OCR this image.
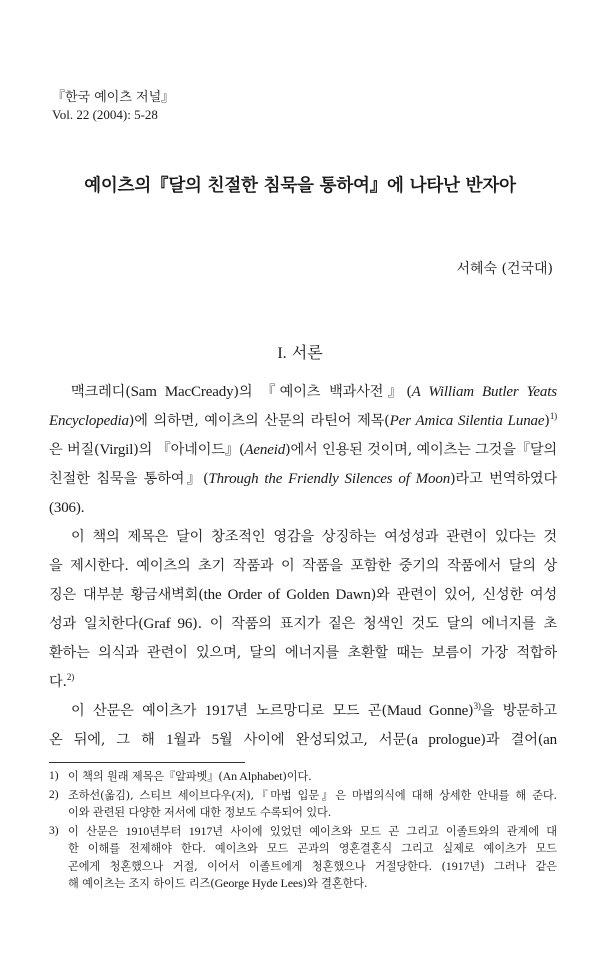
『한국 예이츠 저널』
Vol. 22 (2004): 5-28
예이츠의『달의 친절한 침묵을 통하여』에 나타난 반자아
서혜숙 (건국대)
I. 서론
맥크레디(Sam MacCready)의 『예이츠 백과사전』(A William Butler Yeats
Encyclopedia)에 의하면, 예이츠의 산문의 라틴어 제목(Per Amica Silentia Lunae)$^{1)}$
은 버질(Virgil)의 『아네이드』(Aeneid)에서 인용된 것이며, 예이츠는 그것을『달의
친절한 침묵을 통하여』(Through the Friendly Silences of Moon)라고 번역하였다
(306).
이 책의 제목은 달이 창조적인 영감을 상징하는 여성성과 관련이 있다는 것
을 제시한다. 예이츠의 초기 작품과 이 작품을 포함한 중기의 작품에서 달의 상
징은 대부분 황금새벽회(the Order of Golden Dawn)와 관련이 있어, 신성한 여성
성과 일치한다(Graf 96). 이 작품의 표지가 짙은 청색인 것도 달의 에너지를 초
환하는 의식과 관련이 있으며, 달의 에너지를 초환할 때는 보름이 가장 적합하
다.$^{2)}$
이 산문은 예이츠가 1917년 노르망디로 모드 곤(Maud Gonne)$^{3)}$을 방문하고
온 뒤에, 그 해 1월과 5월 사이에 완성되었고, 서문(a prologue)과 결어(an
1) 이 책의 원래 제목은『알파벳』(An Alphabet)이다.
2) 조하선(옮김), 스티브 세이브다우(저),『마법 입문』은 마법의식에 대해 상세한 안내를 해 준다.
이와 관련된 다양한 저서에 대한 정보도 수록되어 있다.
3) 이 산문은 1910년부터 1917년 사이에 있었던 예이츠와 모드 곤 그리고 이졸트와의 관계에 대
한 이해를 전제해야 한다. 예이츠와 모드 곤과의 영혼결혼식 그리고 실제로 예이츠가 모드
곤에게 청혼했으나 거절, 이어서 이졸트에게 청혼했으나 거절당한다. (1917년) 그러나 같은
해 예이츠는 조지 하이드 리즈(George Hyde Lees)와 결혼한다.
